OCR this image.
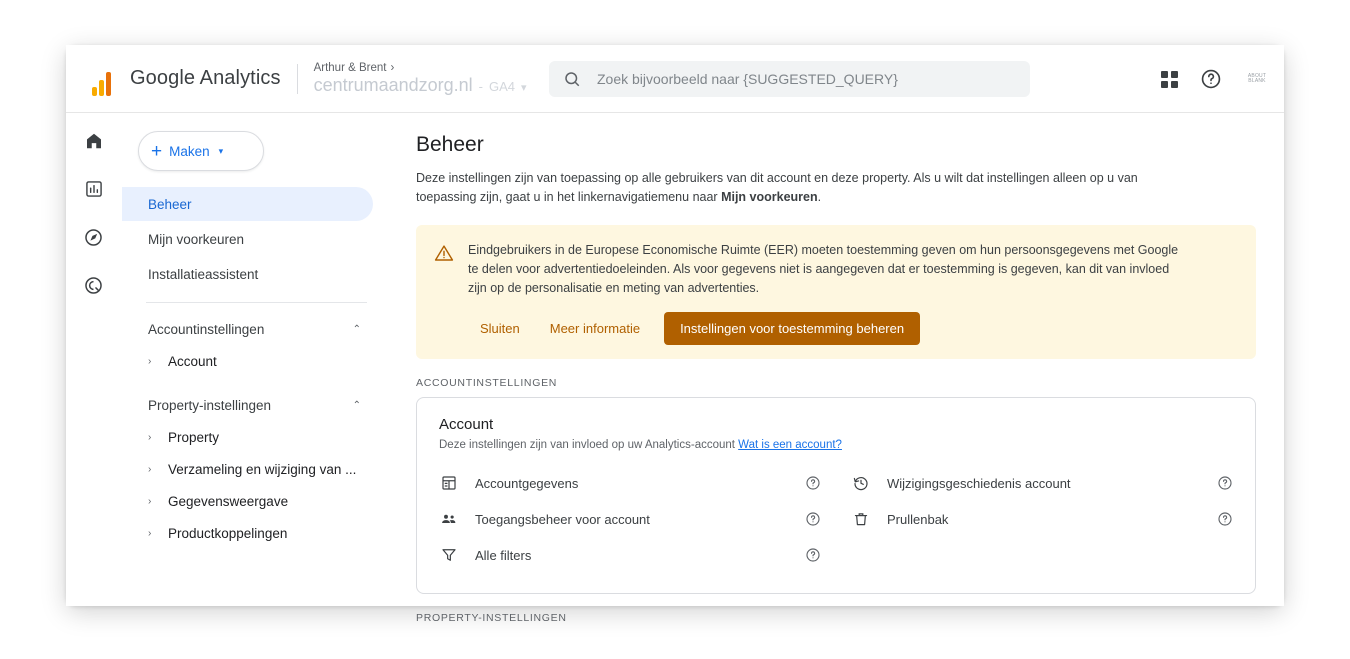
Google Analytics	Arthur & Brent ›
centrumaandzorg.nl - GA4 ▾
Zoek bijvoorbeeld naar {SUGGESTED_QUERY}
ABOUT
BLANK
+ Maken ▾
Beheer
Mijn voorkeuren
Installatieassistent
Accountinstellingen	⌃
›	Account
Property-instellingen	⌃
›	Property
›	Verzameling en wijziging van ...
›	Gegevensweergave
›	Productkoppelingen
Beheer
Deze instellingen zijn van toepassing op alle gebruikers van dit account en deze property. Als u wilt dat instellingen alleen op u van toepassing zijn, gaat u in het linkernavigatiemenu naar Mijn voorkeuren.
Eindgebruikers in de Europese Economische Ruimte (EER) moeten toestemming geven om hun persoonsgegevens met Google te delen voor advertentiedoeleinden. Als voor gegevens niet is aangegeven dat er toestemming is gegeven, kan dit van invloed zijn op de personalisatie en meting van advertenties.
Sluiten	Meer informatie	Instellingen voor toestemming beheren
ACCOUNTINSTELLINGEN
Account
Deze instellingen zijn van invloed op uw Analytics-account Wat is een account?
Accountgegevens
Toegangsbeheer voor account
Alle filters
Wijzigingsgeschiedenis account
Prullenbak
PROPERTY-INSTELLINGEN
